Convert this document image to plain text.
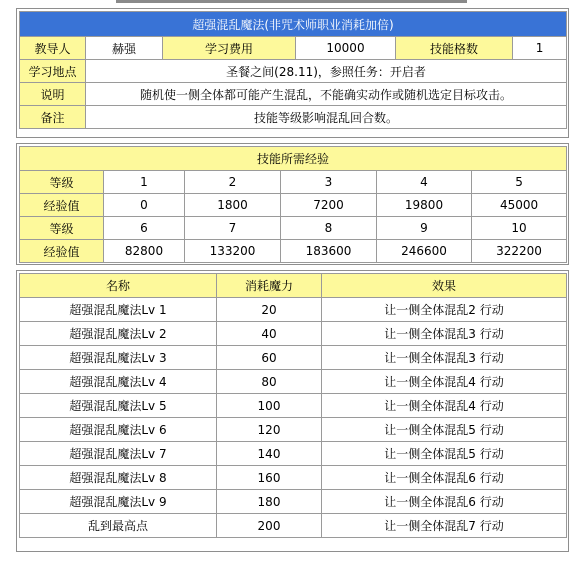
超强混乱魔法(非咒术师职业消耗加倍)					
教导人	赫强	学习费用	10000	技能格数	1
学习地点	圣餐之间(28.11)，参照任务：开启者				
说明	随机使一侧全体都可能产生混乱，不能确实动作或随机选定目标攻击。				
备注	技能等级影响混乱回合数。				
技能所需经验					
等级	1	2	3	4	5
经验值	0	1800	7200	19800	45000
等级	6	7	8	9	10
经验值	82800	133200	183600	246600	322200
名称	消耗魔力	效果
超强混乱魔法Lv 1	20	让一侧全体混乱2 行动
超强混乱魔法Lv 2	40	让一侧全体混乱3 行动
超强混乱魔法Lv 3	60	让一侧全体混乱3 行动
超强混乱魔法Lv 4	80	让一侧全体混乱4 行动
超强混乱魔法Lv 5	100	让一侧全体混乱4 行动
超强混乱魔法Lv 6	120	让一侧全体混乱5 行动
超强混乱魔法Lv 7	140	让一侧全体混乱5 行动
超强混乱魔法Lv 8	160	让一侧全体混乱6 行动
超强混乱魔法Lv 9	180	让一侧全体混乱6 行动
乱到最高点	200	让一侧全体混乱7 行动
